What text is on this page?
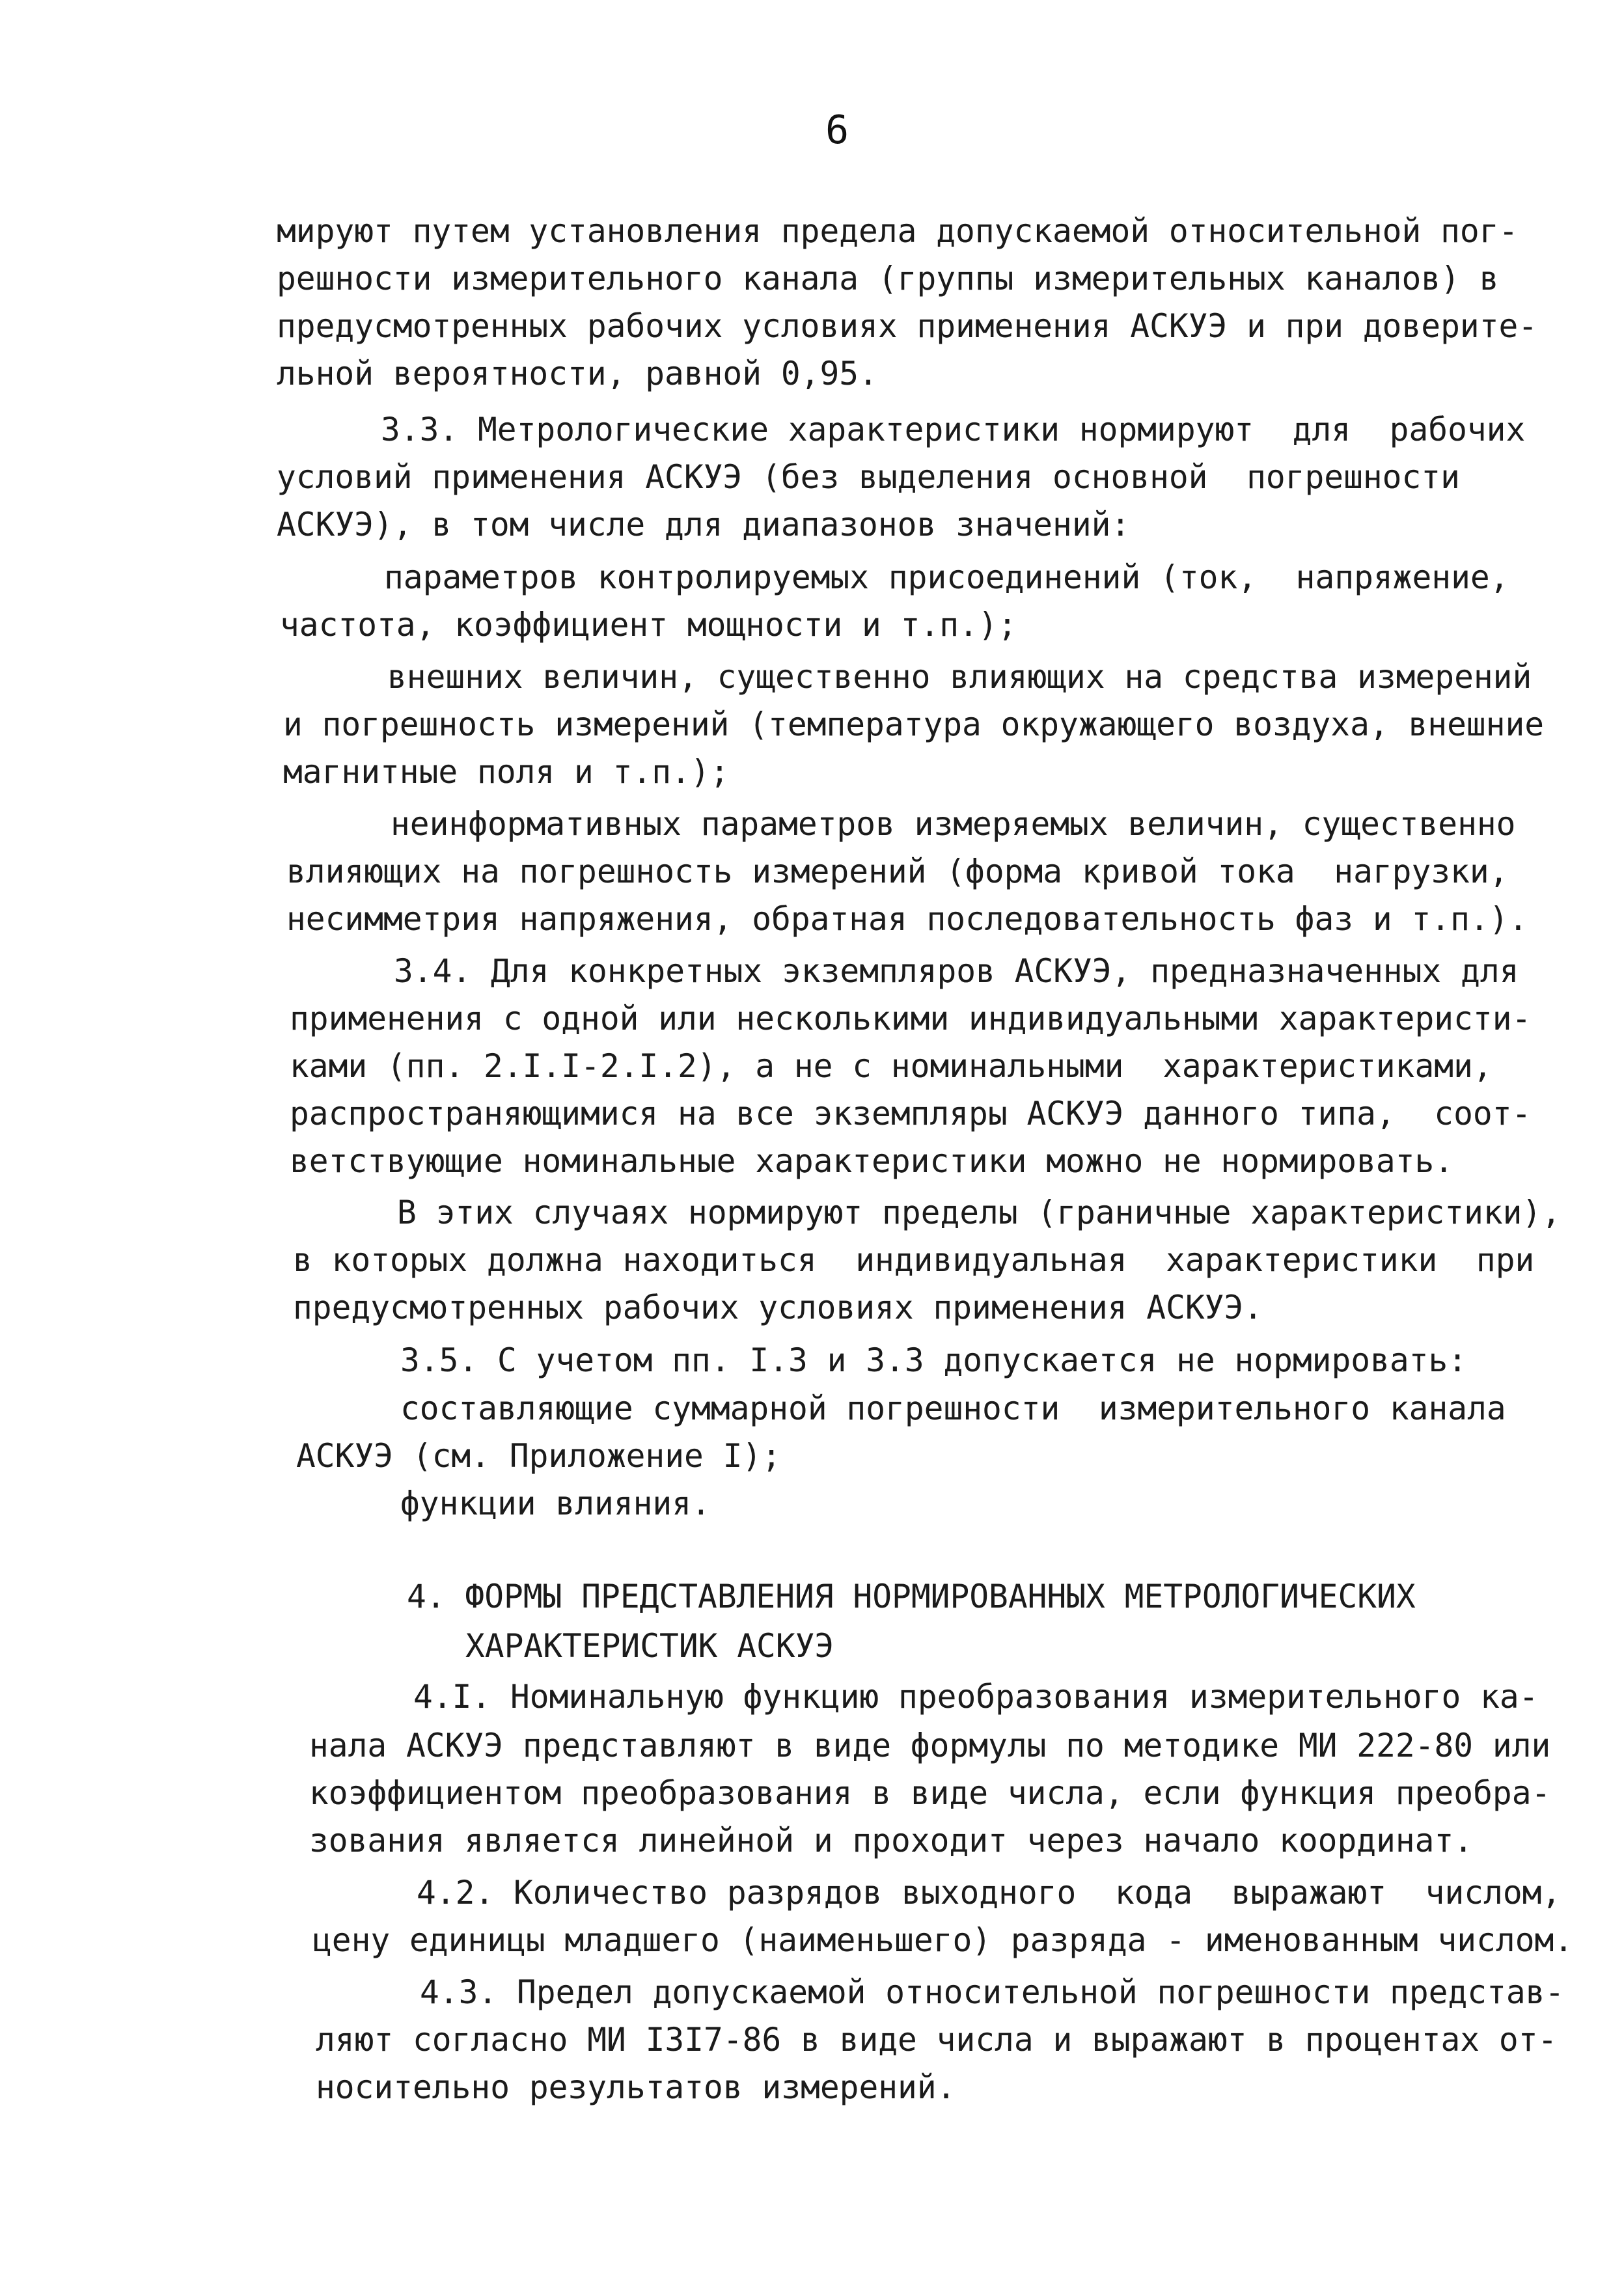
6
мируют путем установления предела допускаемой относительной пог-
решности измерительного канала (группы измерительных каналов) в
предусмотренных рабочих условиях применения АСКУЭ и при доверите-
льной вероятности, равной 0,95.
3.3. Метрологические характеристики нормируют  для  рабочих
условий применения АСКУЭ (без выделения основной  погрешности
АСКУЭ), в том числе для диапазонов значений:
параметров контролируемых присоединений (ток,  напряжение,
частота, коэффициент мощности и т.п.);
внешних величин, существенно влияющих на средства измерений
и погрешность измерений (температура окружающего воздуха, внешние
магнитные поля и т.п.);
неинформативных параметров измеряемых величин, существенно
влияющих на погрешность измерений (форма кривой тока  нагрузки,
несимметрия напряжения, обратная последовательность фаз и т.п.).
3.4. Для конкретных экземпляров АСКУЭ, предназначенных для
применения с одной или несколькими индивидуальными характеристи-
ками (пп. 2.I.I-2.I.2), а не с номинальными  характеристиками,
распространяющимися на все экземпляры АСКУЭ данного типа,  соот-
ветствующие номинальные характеристики можно не нормировать.
В этих случаях нормируют пределы (граничные характеристики),
в которых должна находиться  индивидуальная  характеристики  при
предусмотренных рабочих условиях применения АСКУЭ.
3.5. С учетом пп. I.3 и 3.3 допускается не нормировать:
составляющие суммарной погрешности  измерительного канала
АСКУЭ (см. Приложение I);
функции влияния.
4. ФОРМЫ ПРЕДСТАВЛЕНИЯ НОРМИРОВАННЫХ МЕТРОЛОГИЧЕСКИХ
ХАРАКТЕРИСТИК АСКУЭ
4.I. Номинальную функцию преобразования измерительного ка-
нала АСКУЭ представляют в виде формулы по методике МИ 222-80 или
коэффициентом преобразования в виде числа, если функция преобра-
зования является линейной и проходит через начало координат.
4.2. Количество разрядов выходного  кода  выражают  числом,
цену единицы младшего (наименьшего) разряда - именованным числом.
4.3. Предел допускаемой относительной погрешности представ-
ляют согласно МИ I3I7-86 в виде числа и выражают в процентах от-
носительно результатов измерений.
